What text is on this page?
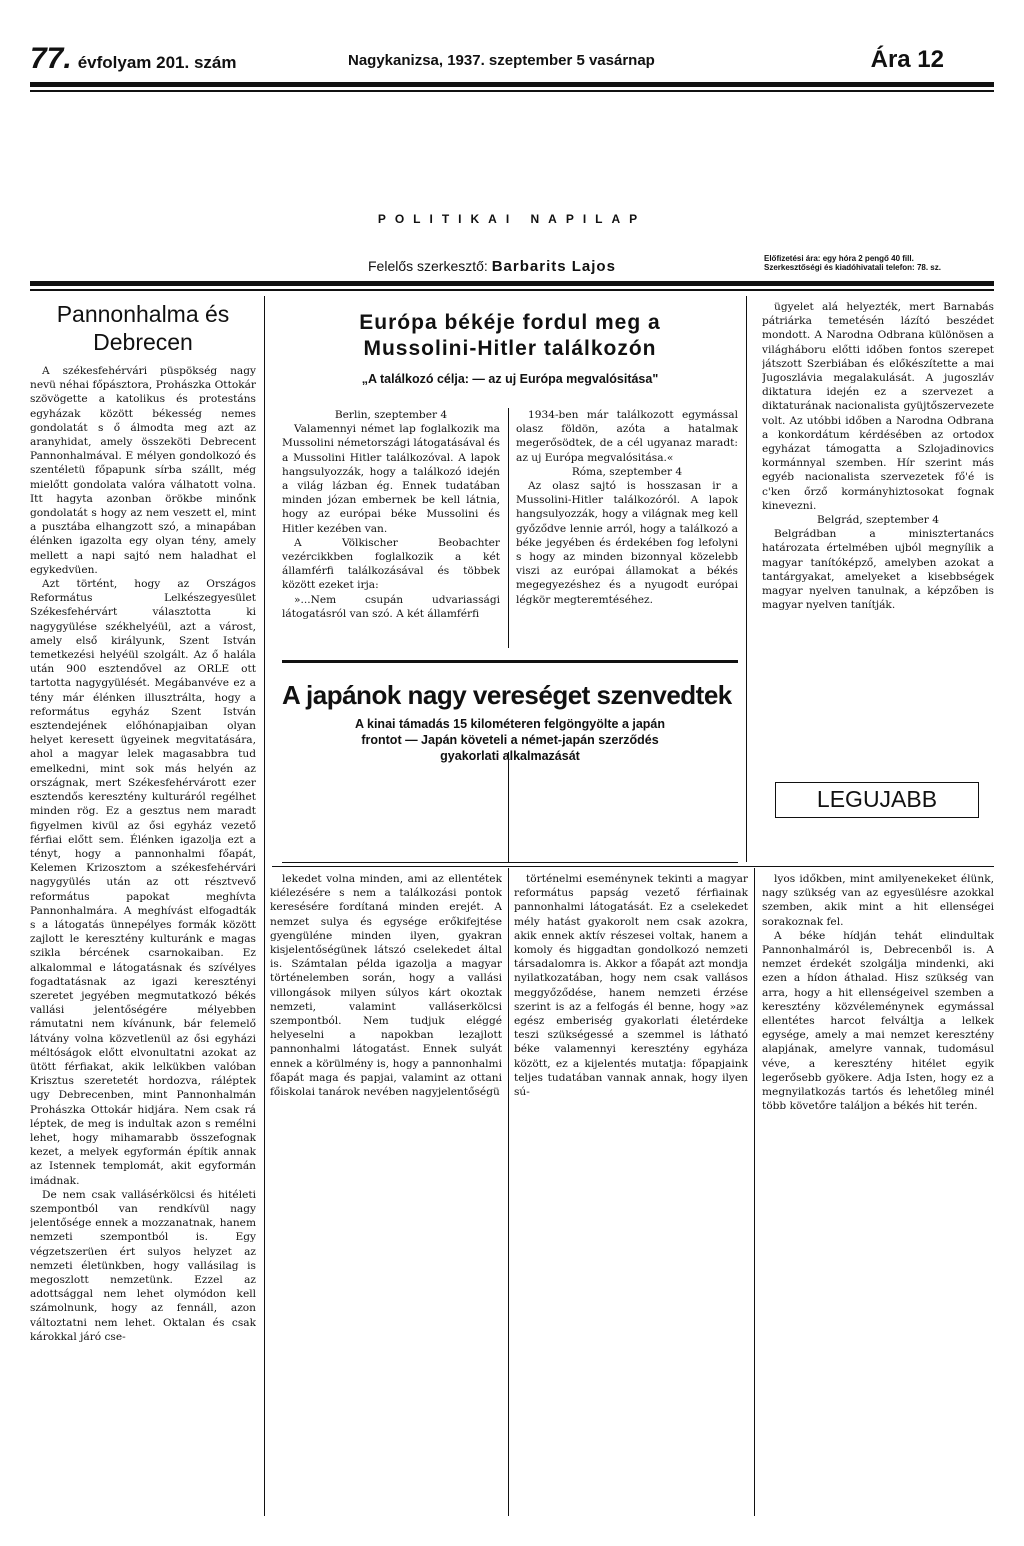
77. évfolyam 201. szám	Nagykanizsa, 1937. szeptember 5 vasárnap	Ára 12
POLITIKAI NAPILAP
Felelős szerkesztő: Barbarits Lajos	Előfizetési ára: egy hóra 2 pengő 40 fill.
Szerkesztőségi és kiadóhivatali telefon: 78. sz.
Pannonhalma és Debrecen

A székesfehérvári püspökség nagy nevü néhai főpásztora, Prohászka Ottokár szövögette a katolikus és protestáns egyházak között békesség nemes gondolatát s ő álmodta meg azt az aranyhidat, amely összeköti Debrecent Pannonhalmával. E mélyen gondolkozó és szentéletü főpapunk sírba szállt, még mielőtt gondolata valóra válhatott volna. Itt hagyta azonban örökbe minőnk gondolatát s hogy az nem veszett el, mint a pusztába elhangzott szó, a minapában élénken igazolta egy olyan tény, amely mellett a napi sajtó nem haladhat el egykedvüen.

Azt történt, hogy az Országos Református Lelkészegyesület Székesfehérvárt választotta ki nagygyülése székhelyéül, azt a várost, amely első királyunk, Szent István temetkezési helyéül szolgált. Az ő halála után 900 esztendővel az ORLE ott tartotta nagygyülését. Megábanvéve ez a tény már élénken illusztrálta, hogy a református egyház Szent István esztendejének előhónapjaiban olyan helyet keresett ügyeinek megvitatására, ahol a magyar lelek magasabbra tud emelkedni, mint sok más helyén az országnak, mert Székesfehérvárott ezer esztendős keresztény kulturáról regélhet minden rög. Ez a gesztus nem maradt figyelmen kivül az ősi egyház vezető férfiai előtt sem. Élénken igazolja ezt a tényt, hogy a pannonhalmi főapát, Kelemen Krizosztom a székesfehérvári nagygyülés után az ott résztvevő református papokat meghívta Pannonhalmára. A meghívást elfogadták s a látogatás ünnepélyes formák között zajlott le keresztény kulturánk e magas szikla bércének csarnokaiban. Ez alkalommal e látogatásnak és szívélyes fogadtatásnak az igazi keresztényi szeretet jegyében megmutatkozó békés vallási jelentőségére mélyebben rámutatni nem kívánunk, bár felemelő látvány volna közvetlenül az ősi egyházi méltóságok előtt elvonultatni azokat az ütött férfiakat, akik lelkükben valóban Krisztus szeretetét hordozva, ráléptek ugy Debrecenben, mint Pannonhalmán Prohászka Ottokár hidjára. Nem csak rá léptek, de meg is indultak azon s remélni lehet, hogy mihamarabb összefognak kezet, a melyek egyformán építik annak az Istennek templomát, akit egyformán imádnak.

De nem csak vallásérkölcsi és hitéleti szempontból van rendkívül nagy jelentősége ennek a mozzanatnak, hanem nemzeti szempontból is. Egy végzetszerüen ért sulyos helyzet az nemzeti életünkben, hogy vallásilag is megoszlott nemzetünk. Ezzel az adottsággal nem lehet olymódon kell számolnunk, hogy az fennáll, azon változtatni nem lehet. Oktalan és csak károkkal járó cse-

Európa békéje fordul meg a
Mussolini-Hitler találkozón
„A találkozó célja: — az uj Európa megvalósitása"

Berlin, szeptember 4

Valamennyi német lap foglalkozik ma Mussolini németországi látogatásával és a Mussolini Hitler találkozóval. A lapok hangsulyozzák, hogy a találkozó idején a világ lázban ég. Ennek tudatában minden józan embernek be kell látnia, hogy az európai béke Mussolini és Hitler kezében van.

A Völkischer Beobachter vezércikkben foglalkozik a két államférfi találkozásával és többek között ezeket irja:

»...Nem csupán udvariassági látogatásról van szó. A két államférfi

1934-ben már találkozott egymással olasz földön, azóta a hatalmak megerősödtek, de a cél ugyanaz maradt: az uj Európa megvalósitása.«

Róma, szeptember 4

Az olasz sajtó is hosszasan ir a Mussolini-Hitler találkozóról. A lapok hangsulyozzák, hogy a világnak meg kell győződve lennie arról, hogy a találkozó a béke jegyében és érdekében fog lefolyni s hogy az minden bizonnyal közelebb viszi az európai államokat a békés megegyezéshez és a nyugodt európai légkör megteremtéséhez.

A japánok nagy vereséget szenvedtek
A kinai támadás 15 kilométeren felgöngyölte a japán
frontot — Japán követeli a német-japán szerződés
gyakorlati alkalmazását

lekedet volna minden, ami az ellentétek kiélezésére s nem a találkozási pontok keresésére fordítaná minden erejét. A nemzet sulya és egysége erőkifejtése gyengüléne minden ilyen, gyakran kisjelentőségünek látszó cselekedet által is. Számtalan példa igazolja a magyar történelemben során, hogy a vallási villongások milyen súlyos kárt okoztak nemzeti, valamint valláserkölcsi szempontból. Nem tudjuk eléggé helyeselni a napokban lezajlott pannonhalmi látogatást. Ennek sulyát ennek a körülmény is, hogy a pannonhalmi főapát maga és papjai, valamint az ottani főiskolai tanárok nevében nagyjelentőségü

történelmi eseménynek tekinti a magyar református papság vezető férfiainak pannonhalmi látogatását. Ez a cselekedet mély hatást gyakorolt nem csak azokra, akik ennek aktív részesei voltak, hanem a komoly és higgadtan gondolkozó nemzeti társadalomra is. Akkor a főapát azt mondja nyilatkozatában, hogy nem csak vallásos meggyőződése, hanem nemzeti érzése szerint is az a felfogás él benne, hogy »az egész emberiség gyakorlati életérdeke teszi szükségessé a szemmel is látható béke valamennyi keresztény egyháza között, ez a kijelentés mutatja: főpapjaink teljes tudatában vannak annak, hogy ilyen sú-

lyos időkben, mint amilyenekeket élünk, nagy szükség van az egyesülésre azokkal szemben, akik mint a hit ellenségei sorakoznak fel.

A béke hídján tehát elindultak Pannonhalmáról is, Debrecenből is. A nemzet érdekét szolgálja mindenki, aki ezen a hídon áthalad. Hisz szükség van arra, hogy a hit ellenségeivel szemben a keresztény közvéleménynek egymással ellentétes harcot felváltja a lelkek egysége, amely a mai nemzet keresztény alapjának, amelyre vannak, tudomásul véve, a keresztény hitélet egyik legerősebb gyökere. Adja Isten, hogy ez a megnyilatkozás tartós és lehetőleg minél több követőre találjon a békés hit terén.

ügyelet alá helyezték, mert Barnabás pátriárka temetésén lázító beszédet mondott. A Narodna Odbrana különösen a világháboru előtti időben fontos szerepet játszott Szerbiában és előkészítette a mai Jugoszlávia megalakulását. A jugoszláv diktatura idején ez a szervezet a diktaturának nacionalista gyüjtőszervezete volt. Az utóbbi időben a Narodna Odbrana a konkordátum kérdésében az ortodox egyházat támogatta a Szlojadinovics kormánnyal szemben. Hír szerint más egyéb nacionalista szervezetek fő'é is c'ken őrző kormányhiztosokat fognak kinevezni.

Belgrád, szeptember 4

Belgrádban a minisztertanács határozata értelmében ujból megnyílik a magyar tanítóképző, amelyben azokat a tantárgyakat, amelyeket a kisebbségek magyar nyelven tanulnak, a képzőben is magyar nyelven tanítják.

LEGUJABB
